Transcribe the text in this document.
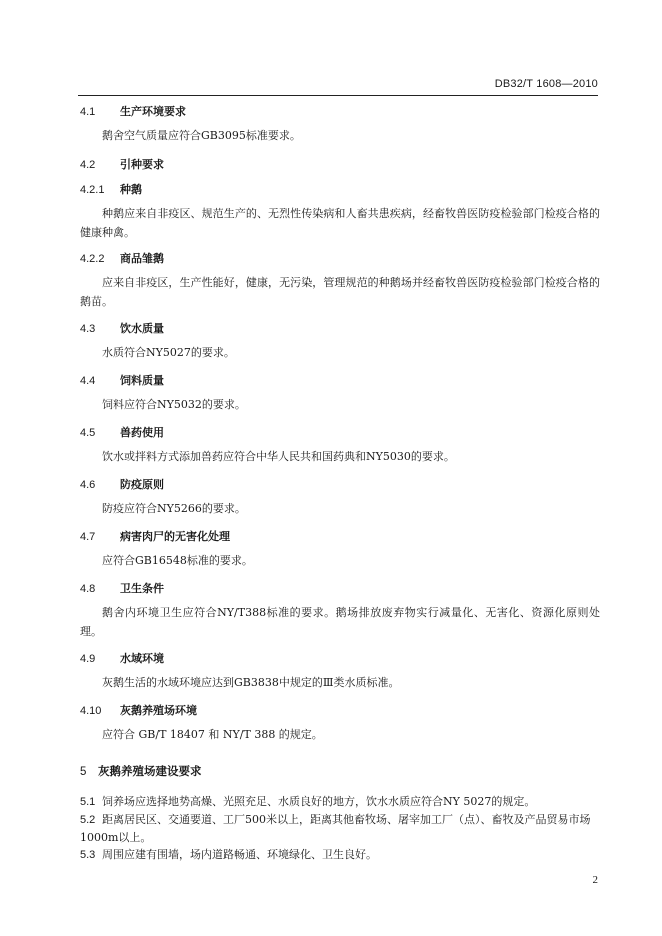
DB32/T 1608—2010
4.1 生产环境要求
鹅舍空气质量应符合GB3095标准要求。
4.2 引种要求
4.2.1 种鹅
种鹅应来自非疫区、规范生产的、无烈性传染病和人畜共患疾病，经畜牧兽医防疫检验部门检疫合格的健康种禽。
4.2.2 商品雏鹅
应来自非疫区，生产性能好，健康，无污染，管理规范的种鹅场并经畜牧兽医防疫检验部门检疫合格的鹅苗。
4.3 饮水质量
水质符合NY5027的要求。
4.4 饲料质量
饲料应符合NY5032的要求。
4.5 兽药使用
饮水或拌料方式添加兽药应符合中华人民共和国药典和NY5030的要求。
4.6 防疫原则
防疫应符合NY5266的要求。
4.7 病害肉尸的无害化处理
应符合GB16548标准的要求。
4.8 卫生条件
鹅舍内环境卫生应符合NY/T388标准的要求。鹅场排放废弃物实行减量化、无害化、资源化原则处理。
4.9 水域环境
灰鹅生活的水域环境应达到GB3838中规定的Ⅲ类水质标准。
4.10 灰鹅养殖场环境
应符合 GB/T 18407 和 NY/T 388 的规定。
5 灰鹅养殖场建设要求
5.1 饲养场应选择地势高燥、光照充足、水质良好的地方，饮水水质应符合NY 5027的规定。
5.2 距离居民区、交通要道、工厂500米以上，距离其他畜牧场、屠宰加工厂（点）、畜牧及产品贸易市场1000m以上。
5.3 周围应建有围墙，场内道路畅通、环境绿化、卫生良好。
2
